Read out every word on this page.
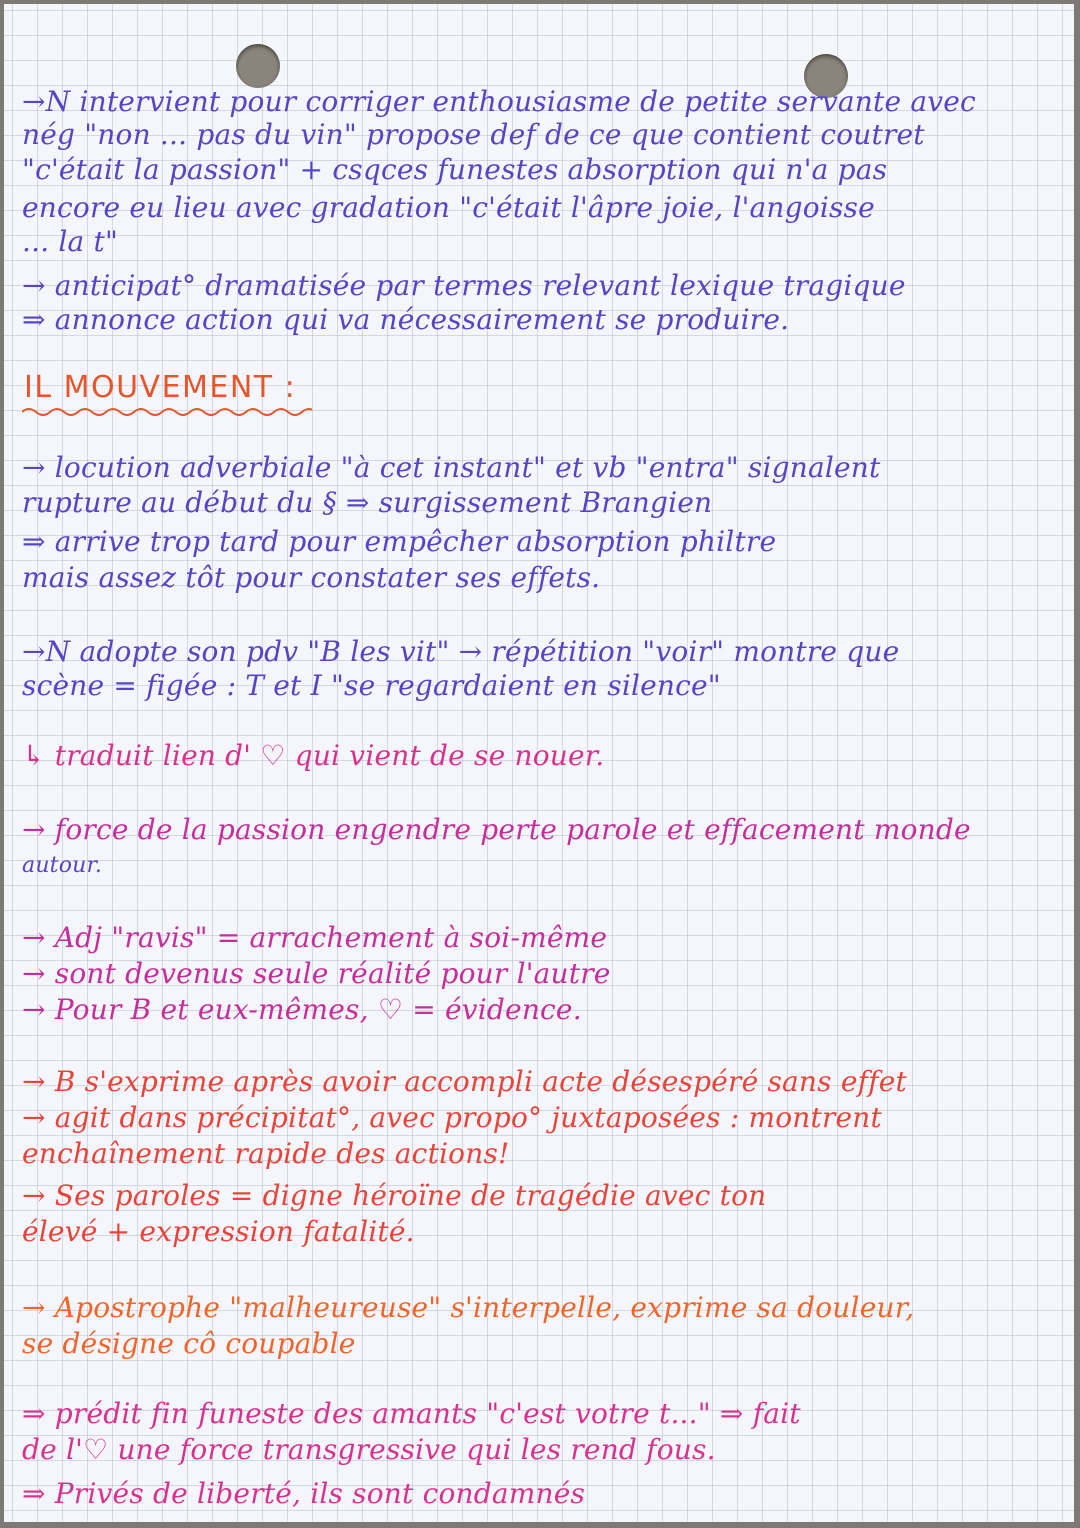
→N intervient pour corriger enthousiasme de petite servante avec
nég "non ... pas du vin" propose def de ce que contient coutret
"c'était la passion" + csqces funestes absorption qui n'a pas
encore eu lieu avec gradation "c'était l'âpre joie, l'angoisse
... la t"
→ anticipat° dramatisée par termes relevant lexique tragique
⇒ annonce action qui va nécessairement se produire.
IL MOUVEMENT :
→ locution adverbiale "à cet instant" et vb "entra" signalent
rupture au début du § ⇒ surgissement Brangien
⇒ arrive trop tard pour empêcher absorption philtre
mais assez tôt pour constater ses effets.
→N adopte son pdv "B les vit" → répétition "voir" montre que
scène = figée : T et I "se regardaient en silence"
↳ traduit lien d' ♡ qui vient de se nouer.
→ force de la passion engendre perte parole et effacement monde
autour.
→ Adj "ravis" = arrachement à soi-même
→ sont devenus seule réalité pour l'autre
→ Pour B et eux-mêmes, ♡ = évidence.
→ B s'exprime après avoir accompli acte désespéré sans effet
→ agit dans précipitat°, avec propo° juxtaposées : montrent
enchaînement rapide des actions!
→ Ses paroles = digne héroïne de tragédie avec ton
élevé + expression fatalité.
→ Apostrophe "malheureuse" s'interpelle, exprime sa douleur,
se désigne cô coupable
⇒ prédit fin funeste des amants "c'est votre t..." ⇒ fait
de l'♡ une force transgressive qui les rend fous.
⇒ Privés de liberté, ils sont condamnés
